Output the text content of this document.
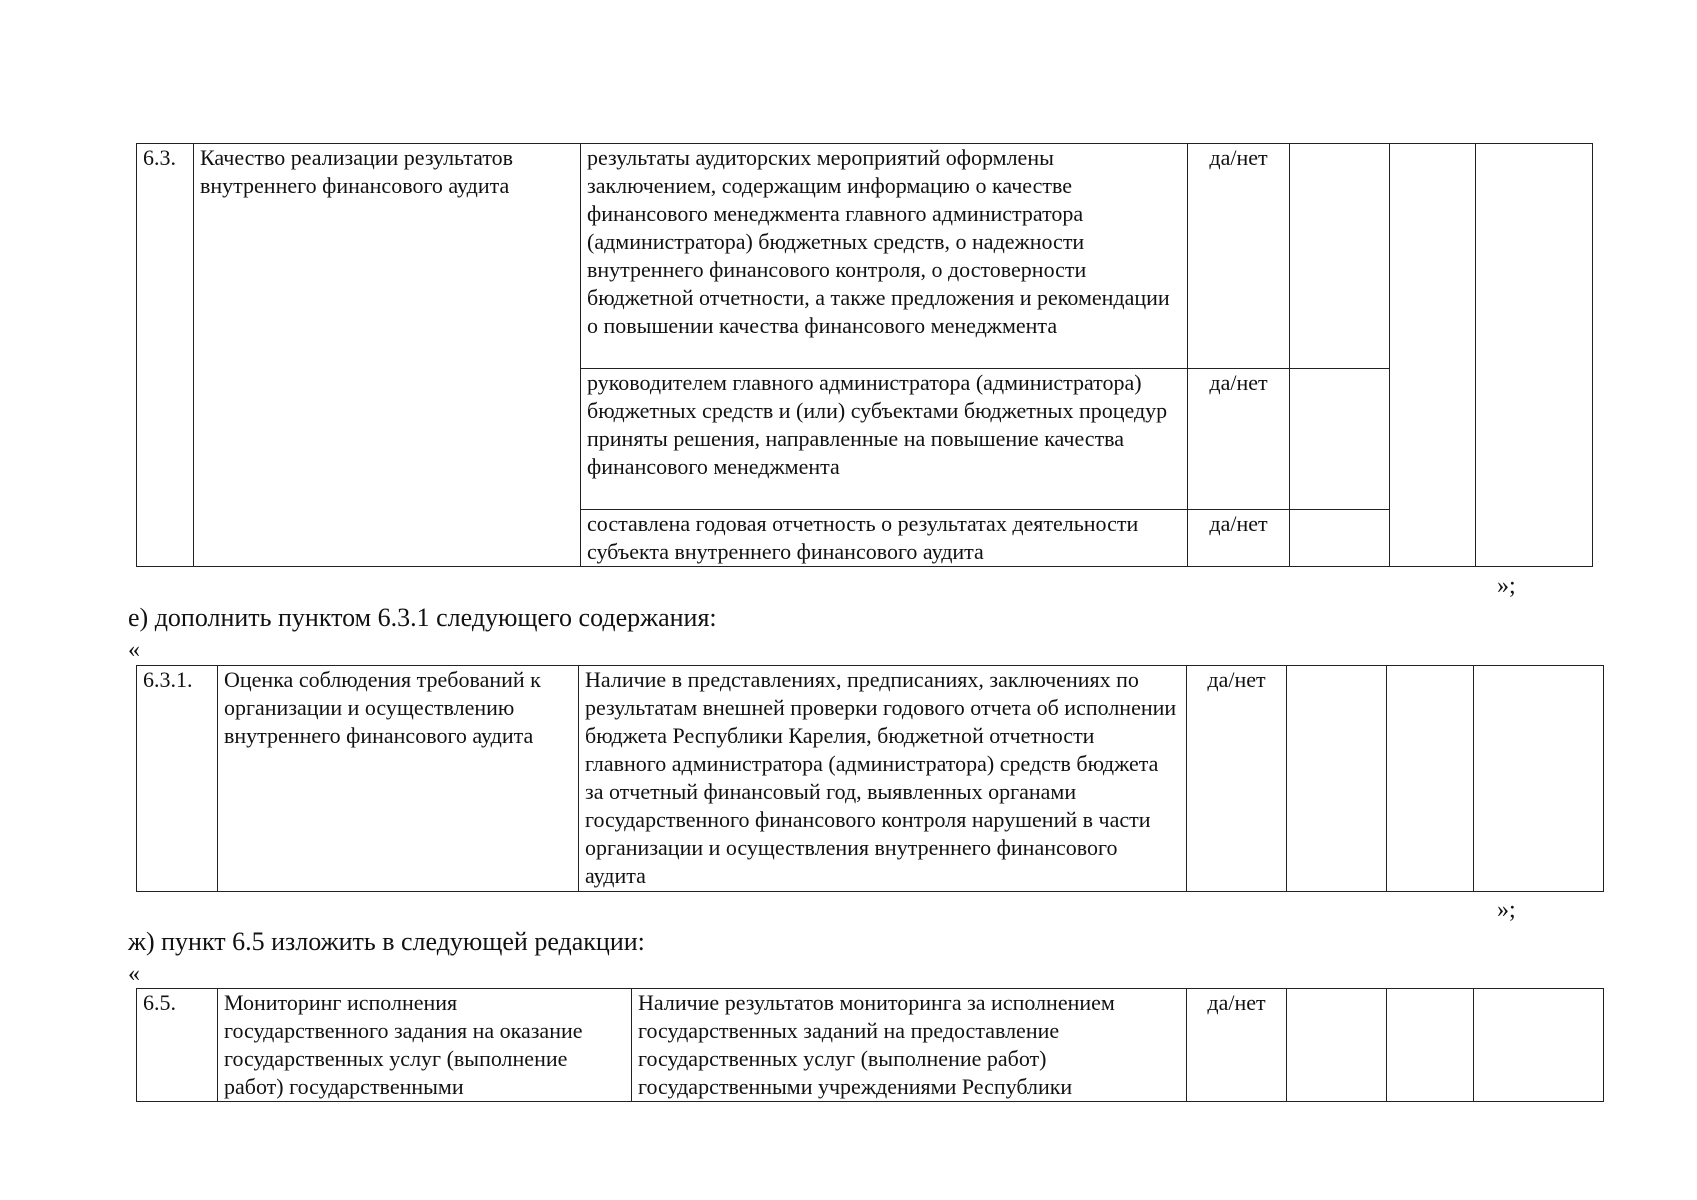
6.3.	Качество реализации результатов внутреннего финансового аудита	результаты аудиторских мероприятий оформлены заключением, содержащим информацию о качестве финансового менеджмента главного администратора (администратора) бюджетных средств, о надежности внутреннего финансового контроля, о достоверности бюджетной отчетности, а также предложения и рекомендации о повышении качества финансового менеджмента	да/нет			
		руководителем главного администратора (администратора) бюджетных средств и (или) субъектами бюджетных процедур приняты решения, направленные на повышение качества финансового менеджмента	да/нет			
		составлена годовая отчетность о результатах деятельности субъекта внутреннего финансового аудита	да/нет			
»;
е) дополнить пунктом 6.3.1 следующего содержания:
«
6.3.1.	Оценка соблюдения требований к организации и осуществлению внутреннего финансового аудита	Наличие в представлениях, предписаниях, заключениях по результатам внешней проверки годового отчета об исполнении бюджета Республики Карелия, бюджетной отчетности главного администратора (администратора) средств бюджета за отчетный финансовый год, выявленных органами государственного финансового контроля нарушений в части организации и осуществления внутреннего финансового аудита	да/нет			
»;
ж) пункт 6.5 изложить в следующей редакции:
«
6.5.	Мониторинг исполнения государственного задания на оказание государственных услуг (выполнение работ) государственными	Наличие результатов мониторинга за исполнением государственных заданий на предоставление государственных услуг (выполнение работ) государственными учреждениями Республики	да/нет			
